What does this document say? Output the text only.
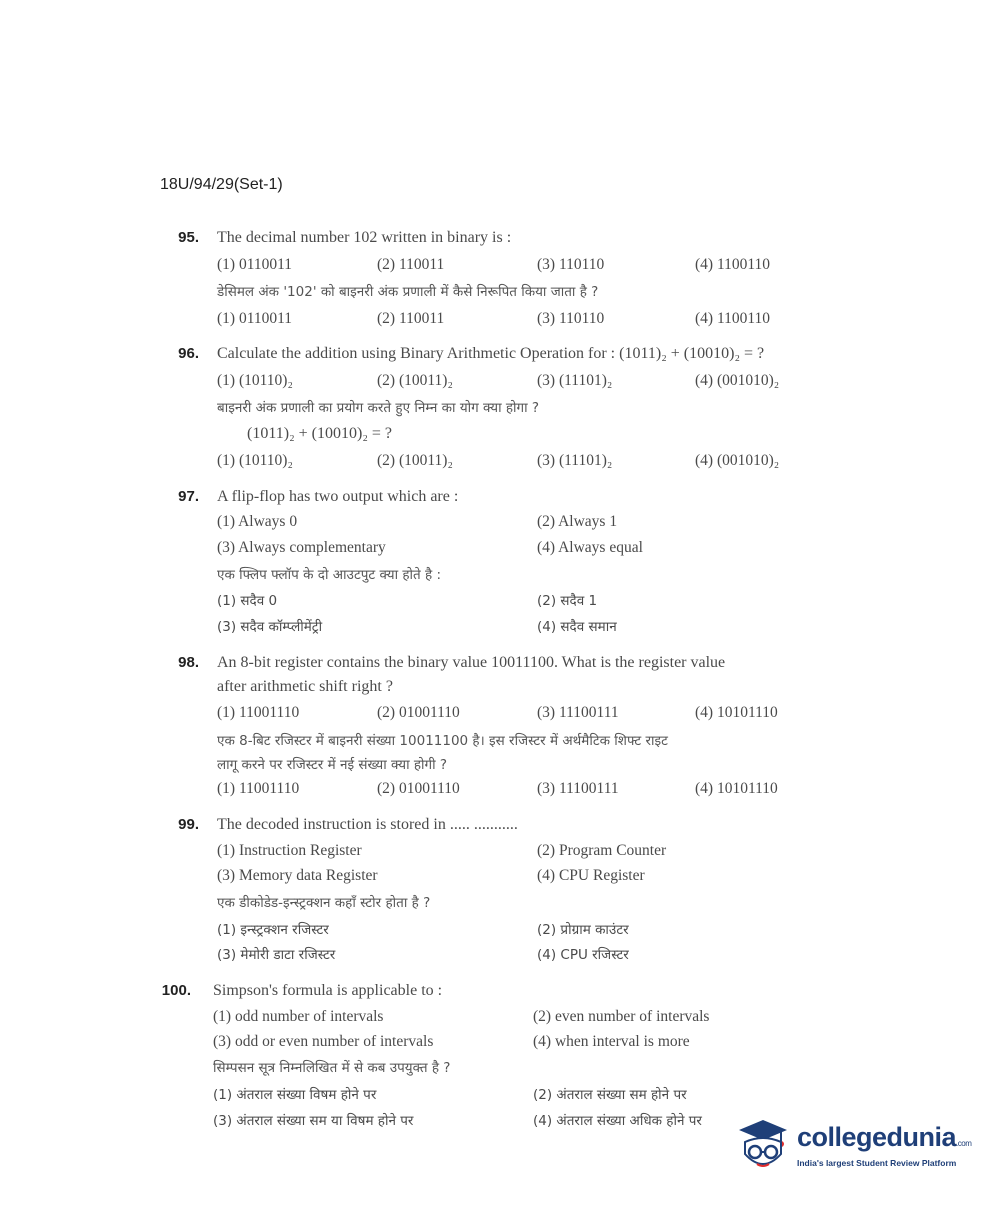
18U/94/29(Set-1)
95. The decimal number 102 written in binary is :
(1) 0110011	(2) 110011	(3) 110110	(4) 1100110
डेसिमल अंक '102' को बाइनरी अंक प्रणाली में कैसे निरूपित किया जाता है ?
(1) 0110011	(2) 110011	(3) 110110	(4) 1100110
96. Calculate the addition using Binary Arithmetic Operation for : (1011)₂ + (10010)₂ = ?
(1) (10110)₂	(2) (10011)₂	(3) (11101)₂	(4) (001010)₂
बाइनरी अंक प्रणाली का प्रयोग करते हुए निम्न का योग क्या होगा ?
(1011)₂ + (10010)₂ = ?
(1) (10110)₂	(2) (10011)₂	(3) (11101)₂	(4) (001010)₂
97. A flip-flop has two output which are :
(1) Always 0	(2) Always 1
(3) Always complementary	(4) Always equal
एक फ्लिप फ्लॉप के दो आउटपुट क्या होते है :
(1) सदैव 0	(2) सदैव 1
(3) सदैव कॉम्प्लीमेंट्री	(4) सदैव समान
98. An 8-bit register contains the binary value 10011100. What is the register value
after arithmetic shift right ?
(1) 11001110	(2) 01001110	(3) 11100111	(4) 10101110
एक 8-बिट रजिस्टर में बाइनरी संख्या 10011100 है। इस रजिस्टर में अर्थमैटिक शिफ्ट राइट
लागू करने पर रजिस्टर में नई संख्या क्या होगी ?
(1) 11001110	(2) 01001110	(3) 11100111	(4) 10101110
99. The decoded instruction is stored in ..... ...........
(1) Instruction Register	(2) Program Counter
(3) Memory data Register	(4) CPU Register
एक डीकोडेड-इन्स्ट्रक्शन कहाँ स्टोर होता है ?
(1) इन्स्ट्रक्शन रजिस्टर	(2) प्रोग्राम काउंटर
(3) मेमोरी डाटा रजिस्टर	(4) CPU रजिस्टर
100. Simpson's formula is applicable to :
(1) odd number of intervals	(2) even number of intervals
(3) odd or even number of intervals	(4) when interval is more
सिम्पसन सूत्र निम्नलिखित में से कब उपयुक्त है ?
(1) अंतराल संख्या विषम होने पर	(2) अंतराल संख्या सम होने पर
(3) अंतराल संख्या सम या विषम होने पर	(4) अंतराल संख्या अधिक होने पर
collegedunia.com
India's largest Student Review Platform
